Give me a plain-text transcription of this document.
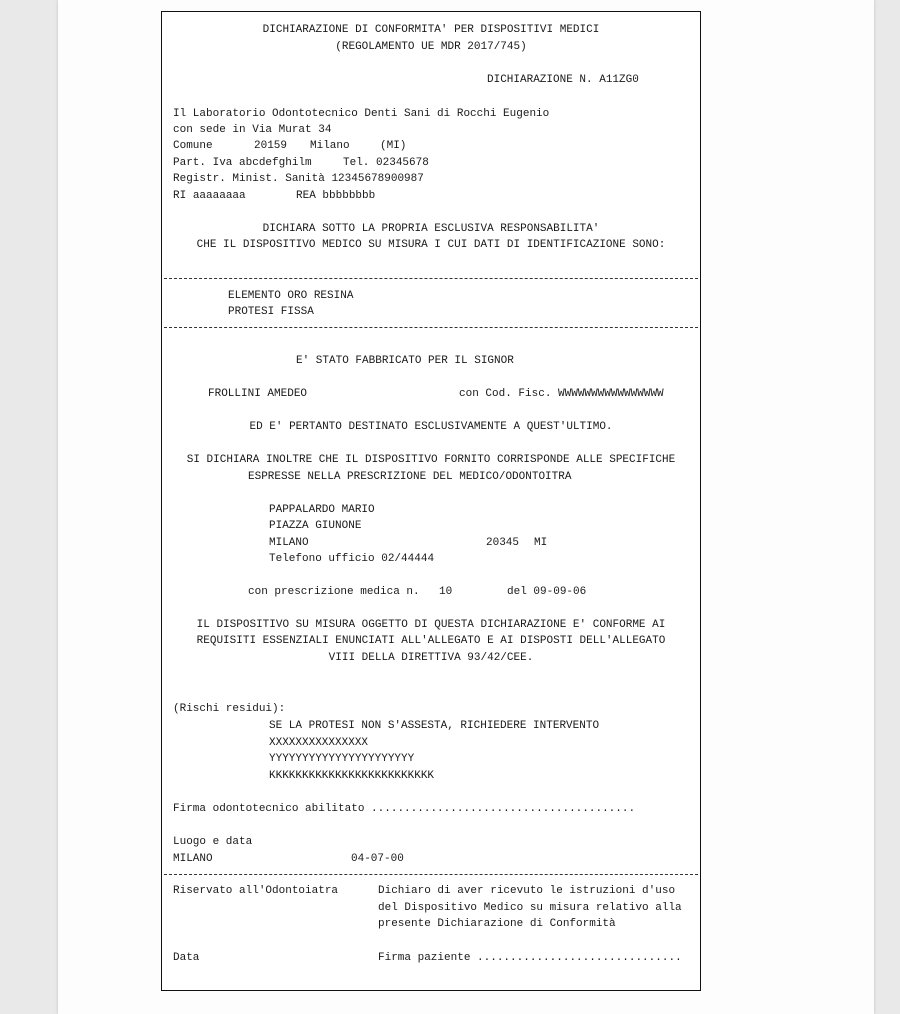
DICHIARAZIONE DI CONFORMITA' PER DISPOSITIVI MEDICI
(REGOLAMENTO UE MDR 2017/745)
DICHIARAZIONE N. A11ZG0
Il Laboratorio Odontotecnico Denti Sani di Rocchi Eugenio
con sede in Via Murat 34
Comune	20159 Milano	(MI)
Part. Iva abcdefghilm	Tel. 02345678
Registr. Minist. Sanità 12345678900987
RI aaaaaaaa	REA bbbbbbbb
DICHIARA SOTTO LA PROPRIA ESCLUSIVA RESPONSABILITA'
CHE IL DISPOSITIVO MEDICO SU MISURA I CUI DATI DI IDENTIFICAZIONE SONO:
ELEMENTO ORO RESINA
PROTESI FISSA
E' STATO FABBRICATO PER IL SIGNOR
FROLLINI AMEDEO	con Cod. Fisc. WWWWWWWWWWWWWWWW
ED E' PERTANTO DESTINATO ESCLUSIVAMENTE A QUEST'ULTIMO.
SI DICHIARA INOLTRE CHE IL DISPOSITIVO FORNITO CORRISPONDE ALLE SPECIFICHE
ESPRESSE NELLA PRESCRIZIONE DEL MEDICO/ODONTOITRA
PAPPALARDO MARIO
PIAZZA GIUNONE
MILANO	20345 MI
Telefono ufficio 02/44444
con prescrizione medica n. 10	del 09-09-06
IL DISPOSITIVO SU MISURA OGGETTO DI QUESTA DICHIARAZIONE E' CONFORME AI
REQUISITI ESSENZIALI ENUNCIATI ALL'ALLEGATO E AI DISPOSTI DELL'ALLEGATO
VIII DELLA DIRETTIVA 93/42/CEE.
(Rischi residui):
SE LA PROTESI NON S'ASSESTA, RICHIEDERE INTERVENTO
XXXXXXXXXXXXXXX
YYYYYYYYYYYYYYYYYYYYYY
KKKKKKKKKKKKKKKKKKKKKKKKK
Firma odontotecnico abilitato ........................................
Luogo e data
MILANO	04-07-00
Riservato all'Odontoiatra	Dichiaro di aver ricevuto le istruzioni d'uso
del Dispositivo Medico su misura relativo alla
presente Dichiarazione di Conformità
Data	Firma paziente ...............................
